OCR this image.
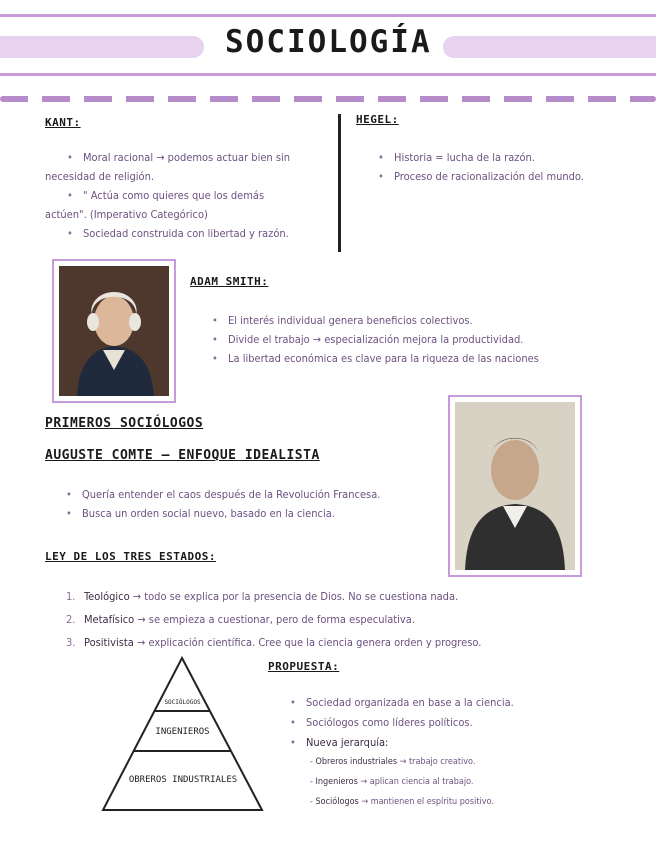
SOCIOLOGÍA
KANT:
• Moral racional → podemos actuar bien sin
necesidad de religión.
• " Actúa como quieres que los demás
actúen". (Imperativo Categórico)
• Sociedad construida con libertad y razón.
HEGEL:
• Historia = lucha de la razón.
• Proceso de racionalización del mundo.
ADAM SMITH:
• El interés individual genera beneficios colectivos.
• Divide el trabajo → especialización mejora la productividad.
• La libertad económica es clave para la riqueza de las naciones
PRIMEROS SOCIÓLOGOS
AUGUSTE COMTE — ENFOQUE IDEALISTA
• Quería entender el caos después de la Revolución Francesa.
• Busca un orden social nuevo, basado en la ciencia.
LEY DE LOS TRES ESTADOS:
1. Teológico → todo se explica por la presencia de Dios. No se cuestiona nada.
2. Metafísico → se empieza a cuestionar, pero de forma especulativa.
3. Positivista → explicación científica. Cree que la ciencia genera orden y progreso.
SOCIÓLOGOS
INGENIEROS
OBREROS INDUSTRIALES
PROPUESTA:
• Sociedad organizada en base a la ciencia.
• Sociólogos como líderes políticos.
• Nueva jerarquía:
- Obreros industriales → trabajo creativo.
- Ingenieros → aplican ciencia al trabajo.
- Sociólogos → mantienen el espíritu positivo.
